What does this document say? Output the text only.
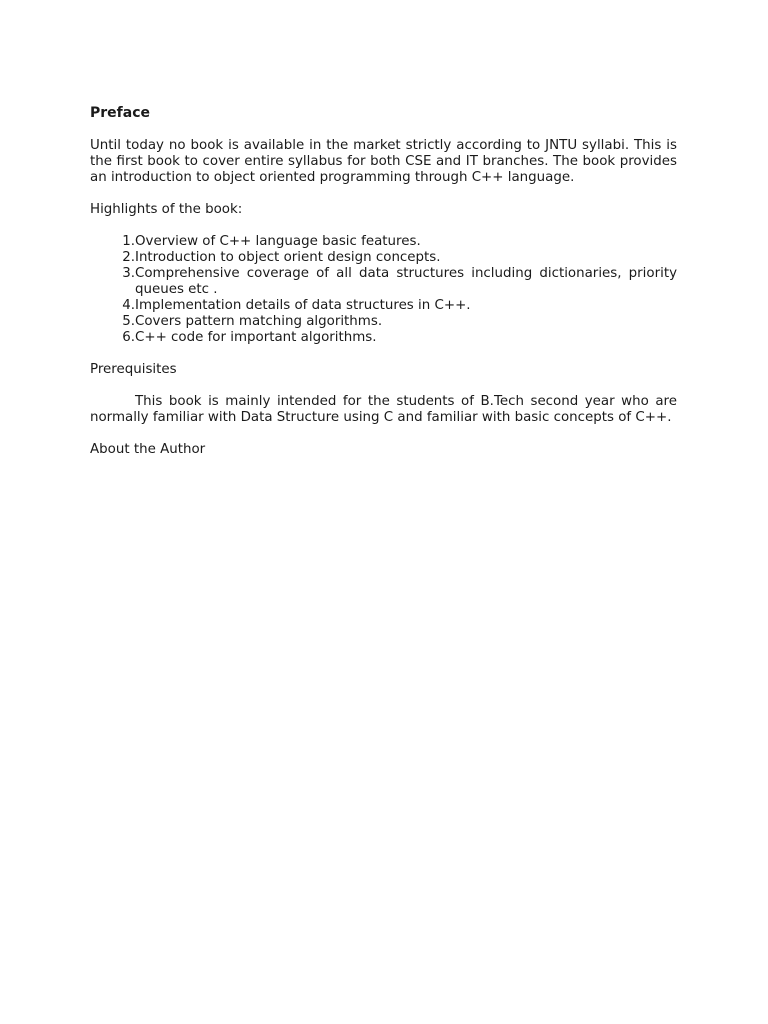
Preface
Until today no book is available in the market strictly according to JNTU syllabi. This is the first book to cover entire syllabus for both CSE and IT branches. The book provides an introduction to object oriented programming through C++ language.
Highlights of the book:
1. Overview of C++ language basic features.
2. Introduction to object orient design concepts.
3. Comprehensive coverage of all data structures including dictionaries, priority queues etc .
4. Implementation details of data structures in C++.
5. Covers pattern matching algorithms.
6. C++ code for important algorithms.
Prerequisites
This book is mainly intended for the students of B.Tech second year who are normally familiar with Data Structure using C and familiar with basic concepts of C++.
About the Author
